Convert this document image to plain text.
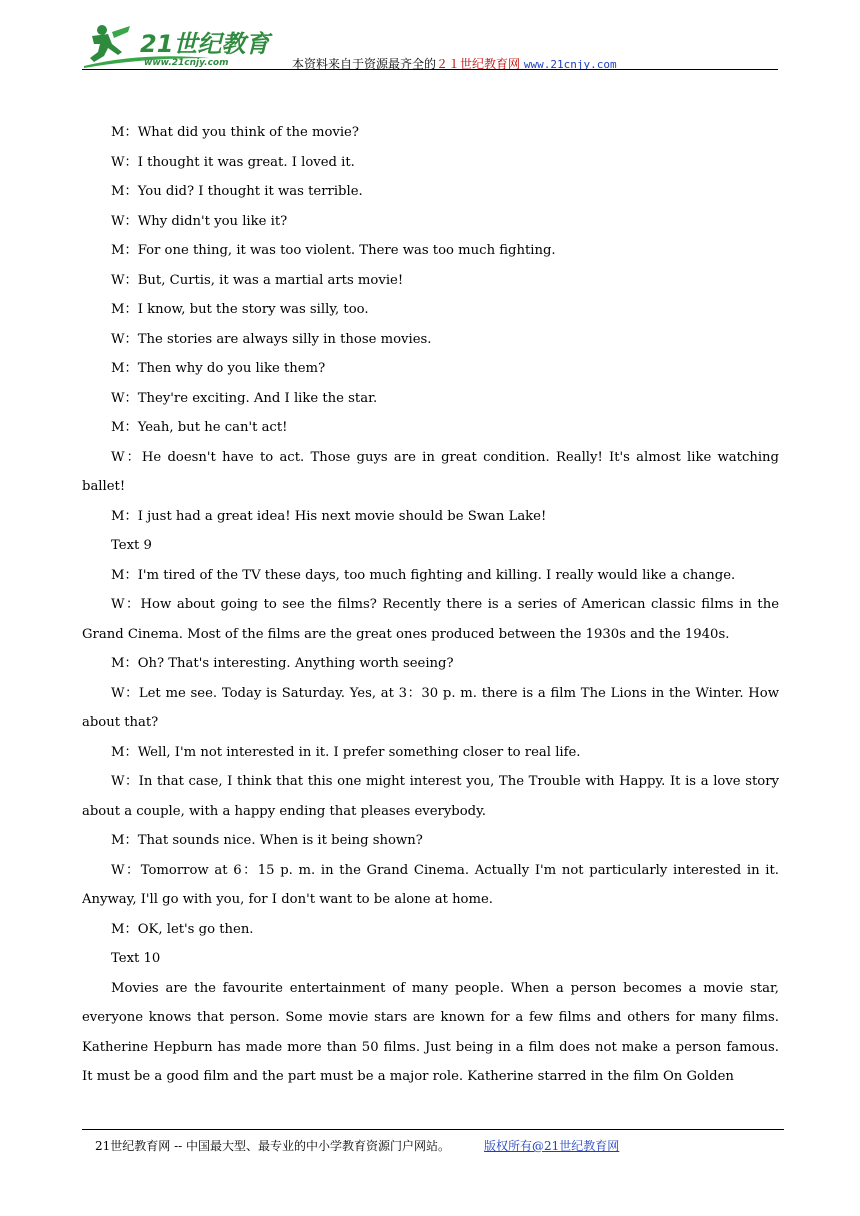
21世纪教育
www.21cnjy.com	本资料来自于资源最齐全的２１世纪教育网 www.21cnjy.com

M：What did you think of the movie?

W：I thought it was great. I loved it.

M：You did? I thought it was terrible.

W：Why didn't you like it?

M：For one thing, it was too violent. There was too much fighting.

W：But, Curtis, it was a martial arts movie!

M：I know, but the story was silly, too.

W：The stories are always silly in those movies.

M：Then why do you like them?

W：They're exciting. And I like the star.

M：Yeah, but he can't act!

W：He doesn't have to act. Those guys are in great condition. Really! It's almost like watching ballet!

M：I just had a great idea! His next movie should be Swan Lake!

Text 9

M：I'm tired of the TV these days, too much fighting and killing. I really would like a change.

W：How about going to see the films? Recently there is a series of American classic films in the Grand Cinema. Most of the films are the great ones produced between the 1930s and the 1940s.

M：Oh? That's interesting. Anything worth seeing?

W：Let me see. Today is Saturday. Yes, at 3：30 p. m. there is a film The Lions in the Winter. How about that?

M：Well, I'm not interested in it. I prefer something closer to real life.

W：In that case, I think that this one might interest you, The Trouble with Happy. It is a love story about a couple, with a happy ending that pleases everybody.

M：That sounds nice. When is it being shown?

W：Tomorrow at 6：15 p. m. in the Grand Cinema. Actually I'm not particularly interested in it. Anyway, I'll go with you, for I don't want to be alone at home.

M：OK, let's go then.

Text 10

Movies are the favourite entertainment of many people. When a person becomes a movie star, everyone knows that person. Some movie stars are known for a few films and others for many films. Katherine Hepburn has made more than 50 films. Just being in a film does not make a person famous. It must be a good film and the part must be a major role. Katherine starred in the film On Golden

21世纪教育网 -- 中国最大型、最专业的中小学教育资源门户网站。	版权所有@21世纪教育网
